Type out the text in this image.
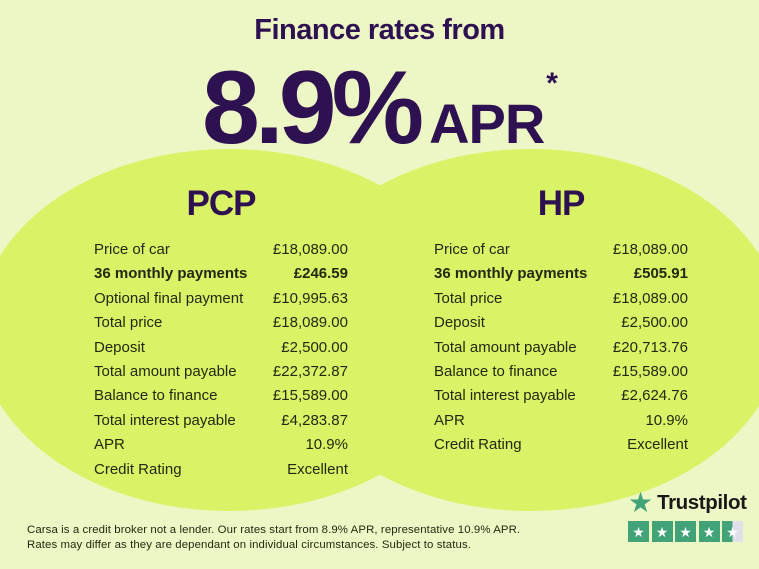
Finance rates from
8.9% APR*
PCP
Price of car	£18,089.00
36 monthly payments	£246.59
Optional final payment £10,995.63
Total price	£18,089.00
Deposit	£2,500.00
Total amount payable £22,372.87
Balance to finance	£15,589.00
Total interest payable	£4,283.87
APR	10.9%
Credit Rating	Excellent
HP
Price of car	£18,089.00
36 monthly payments	£505.91
Total price	£18,089.00
Deposit	£2,500.00
Total amount payable £20,713.76
Balance to finance	£15,589.00
Total interest payable	£2,624.76
APR	10.9%
Credit Rating	Excellent
Carsa is a credit broker not a lender. Our rates start from 8.9% APR, representative 10.9% APR.
Rates may differ as they are dependant on individual circumstances. Subject to status.
★ Trustpilot
★ ★ ★ ★ ★
